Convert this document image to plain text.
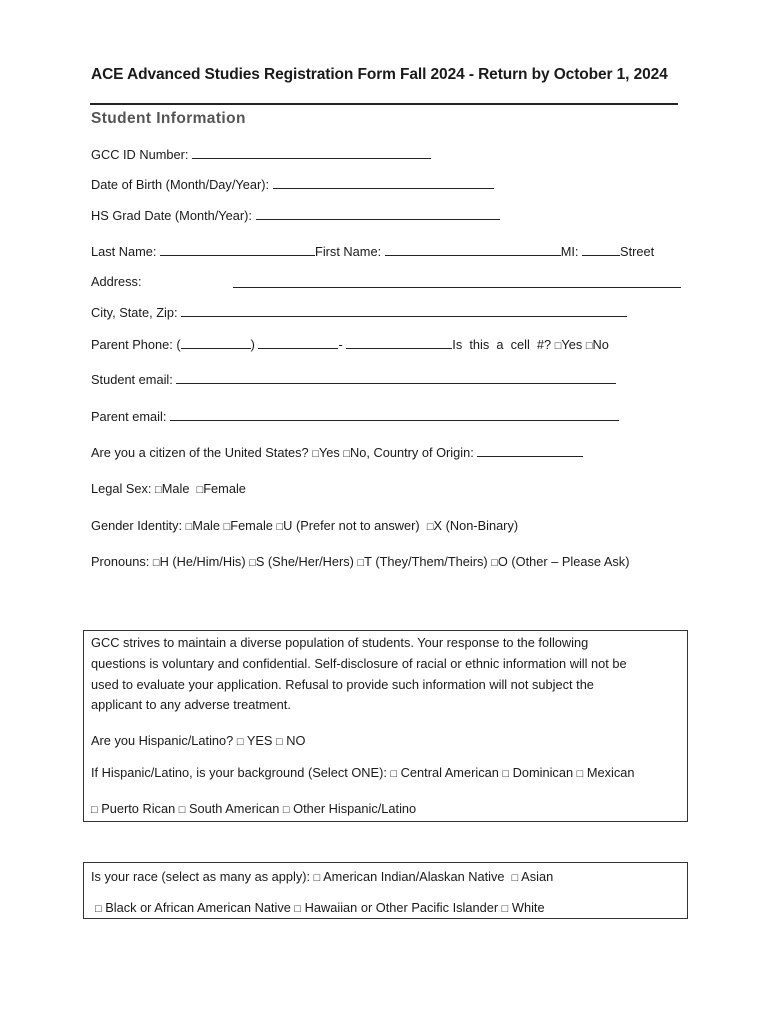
ACE Advanced Studies Registration Form Fall 2024 - Return by October 1, 2024
Student Information
GCC ID Number:
Date of Birth (Month/Day/Year):
HS Grad Date (Month/Year):
Last Name:	First Name:	MI:	Street
Address:
City, State, Zip:
Parent Phone: (	)	-	Is  this  a  cell  #? □Yes □No
Student email:
Parent email:
Are you a citizen of the United States? □Yes □No, Country of Origin:
Legal Sex: □Male □Female
Gender Identity: □Male □Female □U (Prefer not to answer) □X (Non-Binary)
Pronouns: □H (He/Him/His) □S (She/Her/Hers) □T (They/Them/Theirs) □O (Other – Please Ask)
GCC strives to maintain a diverse population of students. Your response to the following
questions is voluntary and confidential. Self-disclosure of racial or ethnic information will not be
used to evaluate your application. Refusal to provide such information will not subject the
applicant to any adverse treatment.
Are you Hispanic/Latino? □ YES □ NO
If Hispanic/Latino, is your background (Select ONE): □ Central American □ Dominican □ Mexican
□ Puerto Rican □ South American □ Other Hispanic/Latino
Is your race (select as many as apply): □ American Indian/Alaskan Native □ Asian
□ Black or African American Native □ Hawaiian or Other Pacific Islander □ White
